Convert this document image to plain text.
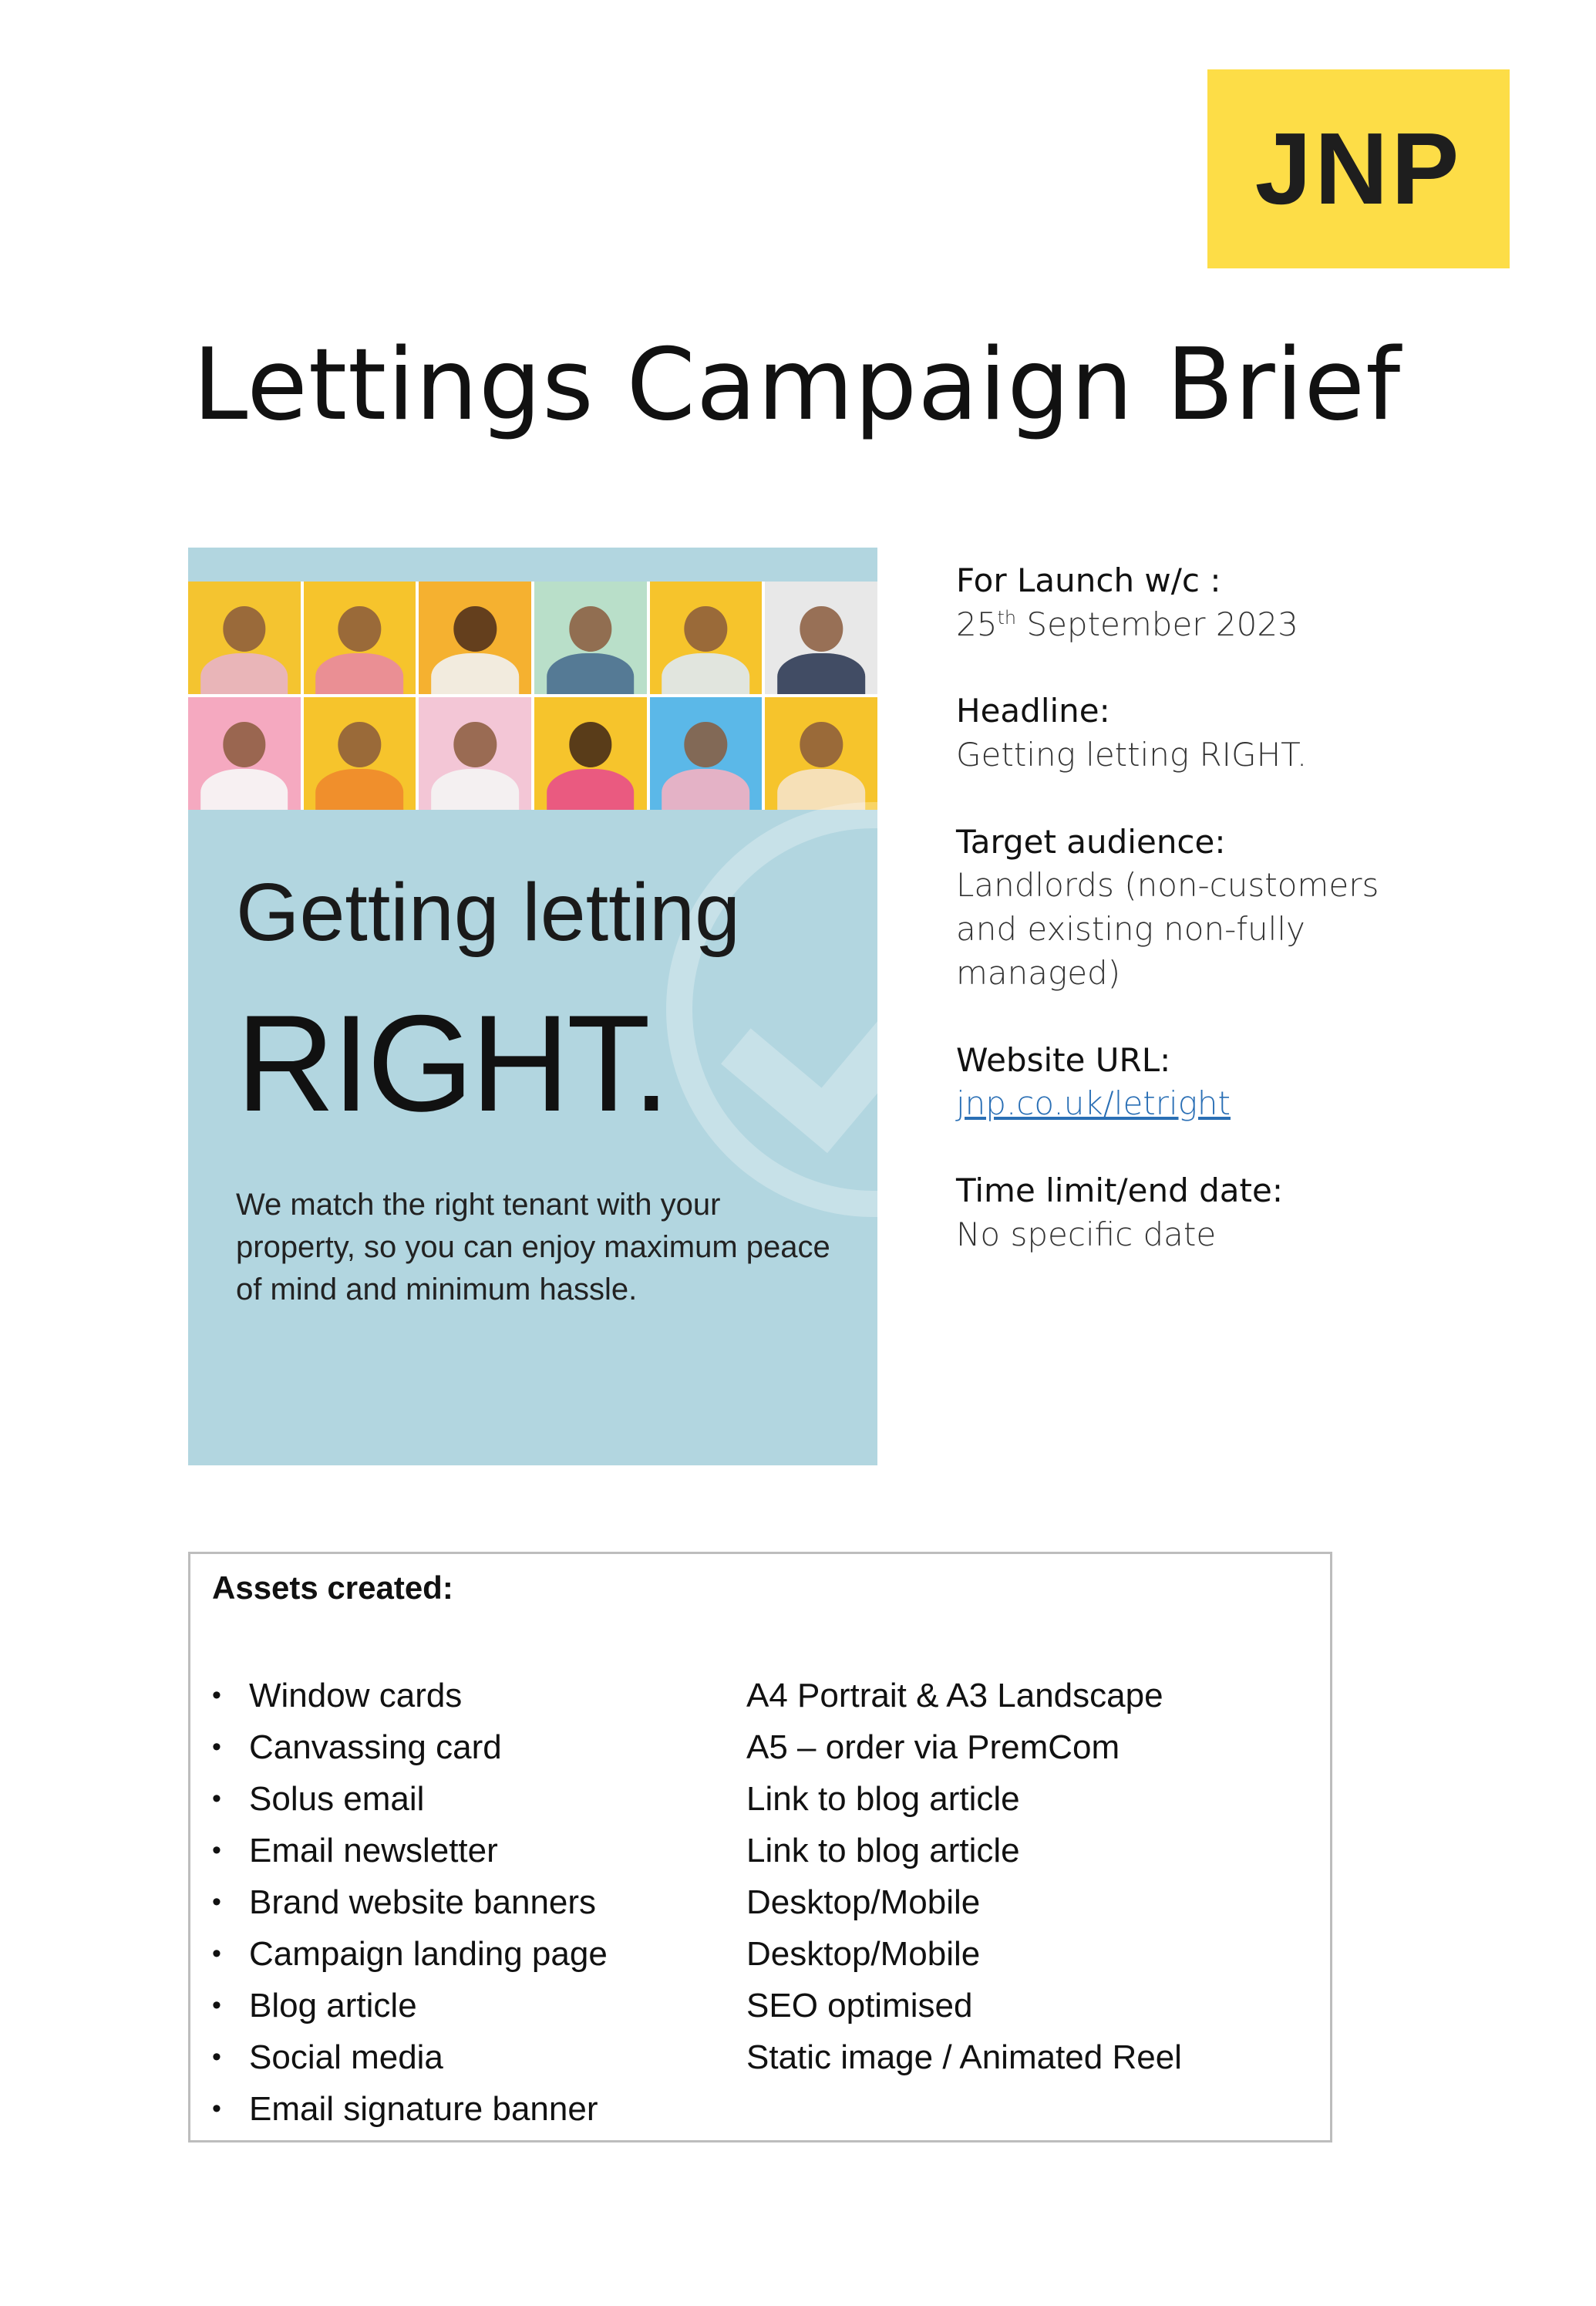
JNP
Lettings Campaign Brief
Getting letting
RIGHT.
We match the right tenant with your property, so you can enjoy maximum peace of mind and minimum hassle.
For Launch w/c :
25th September 2023
Headline:
Getting letting RIGHT.
Target audience:
Landlords (non-customers and existing non-fully managed)
Website URL:
jnp.co.uk/letright
Time limit/end date:
No specific date
Assets created:
• Window cards	A4 Portrait & A3 Landscape
• Canvassing card	A5 – order via PremCom
• Solus email	Link to blog article
• Email newsletter	Link to blog article
• Brand website banners	Desktop/Mobile
• Campaign landing page	Desktop/Mobile
• Blog article	SEO optimised
• Social media	Static image / Animated Reel
• Email signature banner
